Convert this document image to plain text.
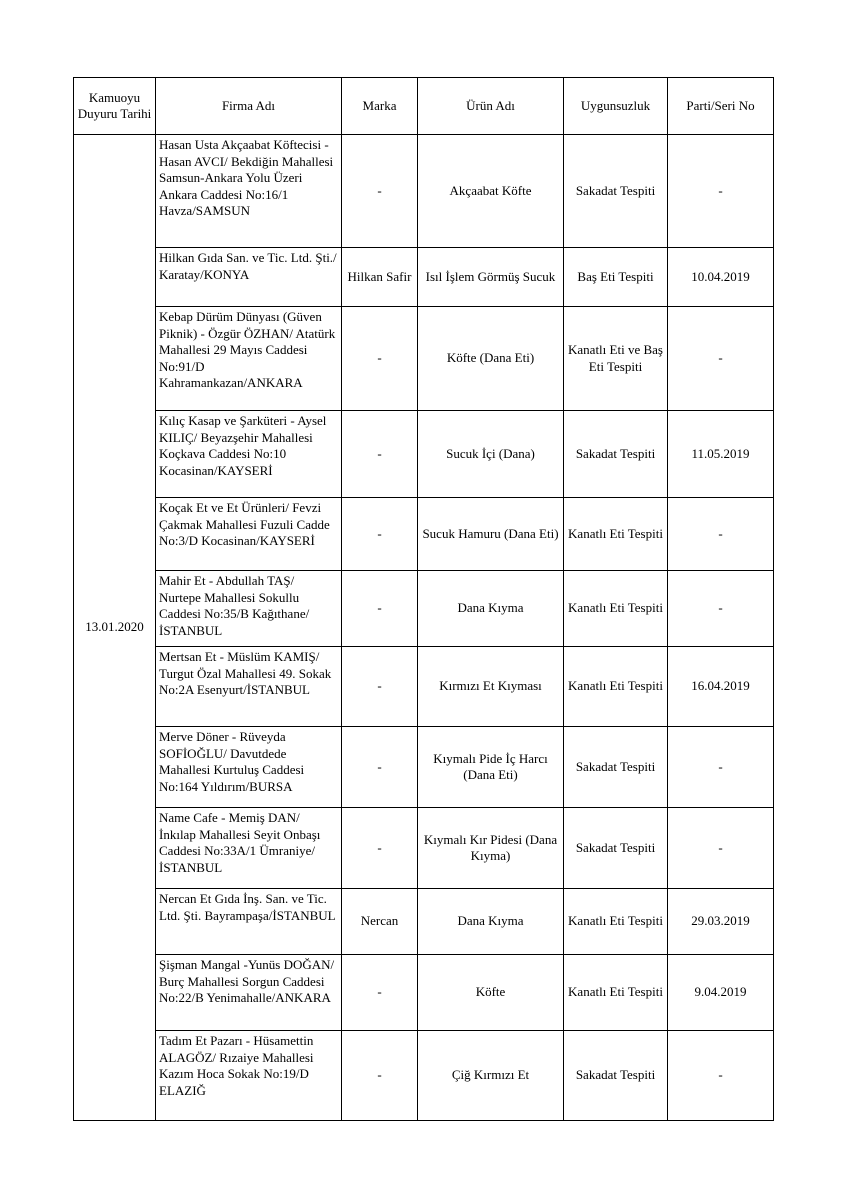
Kamuoyu Duyuru Tarihi	Firma Adı	Marka	Ürün Adı	Uygunsuzluk	Parti/Seri No
13.01.2020	Hasan Usta Akçaabat Köftecisi - Hasan AVCI/ Bekdiğin Mahallesi Samsun-Ankara Yolu Üzeri Ankara Caddesi No:16/1 Havza/SAMSUN	-	Akçaabat Köfte	Sakadat Tespiti	-
	Hilkan Gıda San. ve Tic. Ltd. Şti./ Karatay/KONYA	Hilkan Safir	Isıl İşlem Görmüş Sucuk	Baş Eti Tespiti	10.04.2019
	Kebap Dürüm Dünyası (Güven Piknik) - Özgür ÖZHAN/ Atatürk Mahallesi 29 Mayıs Caddesi No:91/D Kahramankazan/ANKARA	-	Köfte (Dana Eti)	Kanatlı Eti ve Baş Eti Tespiti	-
	Kılıç Kasap ve Şarküteri - Aysel KILIÇ/ Beyazşehir Mahallesi Koçkava Caddesi No:10 Kocasinan/KAYSERİ	-	Sucuk İçi (Dana)	Sakadat Tespiti	11.05.2019
	Koçak Et ve Et Ürünleri/ Fevzi Çakmak Mahallesi Fuzuli Cadde No:3/D Kocasinan/KAYSERİ	-	Sucuk Hamuru (Dana Eti)	Kanatlı Eti Tespiti	-
	Mahir Et - Abdullah TAŞ/ Nurtepe Mahallesi Sokullu Caddesi No:35/B Kağıthane/İSTANBUL	-	Dana Kıyma	Kanatlı Eti Tespiti	-
	Mertsan Et - Müslüm KAMIŞ/ Turgut Özal Mahallesi 49. Sokak No:2A Esenyurt/İSTANBUL	-	Kırmızı Et Kıyması	Kanatlı Eti Tespiti	16.04.2019
	Merve Döner - Rüveyda SOFİOĞLU/ Davutdede Mahallesi Kurtuluş Caddesi No:164 Yıldırım/BURSA	-	Kıymalı Pide İç Harcı (Dana Eti)	Sakadat Tespiti	-
	Name Cafe - Memiş DAN/ İnkılap Mahallesi Seyit Onbaşı Caddesi No:33A/1 Ümraniye/İSTANBUL	-	Kıymalı Kır Pidesi (Dana Kıyma)	Sakadat Tespiti	-
	Nercan Et Gıda İnş. San. ve Tic. Ltd. Şti. Bayrampaşa/İSTANBUL	Nercan	Dana Kıyma	Kanatlı Eti Tespiti	29.03.2019
	Şişman Mangal -Yunüs DOĞAN/ Burç Mahallesi Sorgun Caddesi No:22/B Yenimahalle/ANKARA	-	Köfte	Kanatlı Eti Tespiti	9.04.2019
	Tadım Et Pazarı - Hüsamettin ALAGÖZ/ Rızaiye Mahallesi Kazım Hoca Sokak No:19/D ELAZIĞ	-	Çiğ Kırmızı Et	Sakadat Tespiti	-
